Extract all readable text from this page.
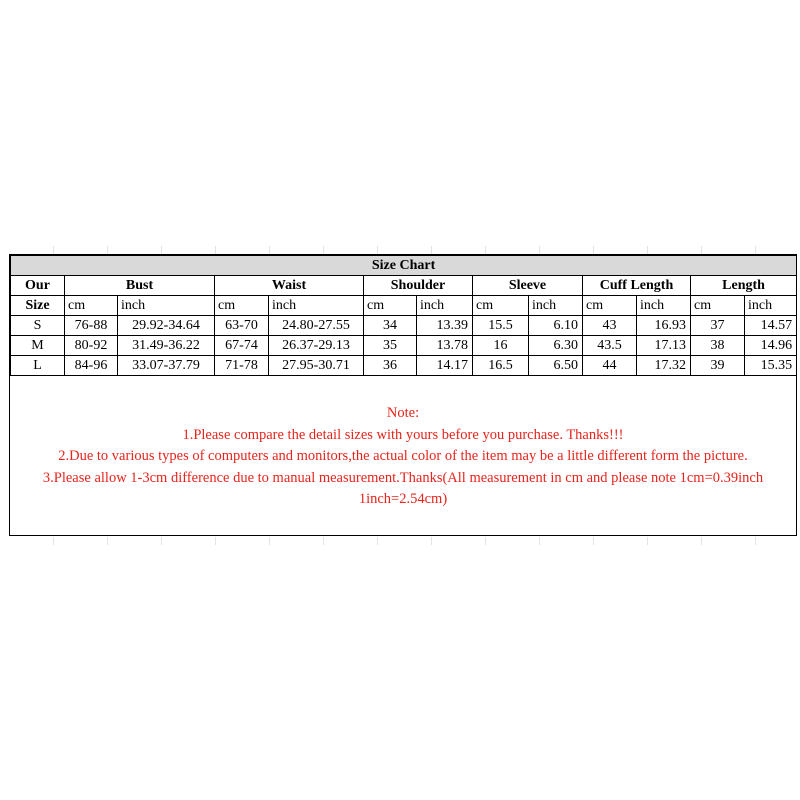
Size Chart												
Our	Bust		Waist		Shoulder		Sleeve		Cuff Length		Length	
Size	cm	inch	cm	inch	cm	inch	cm	inch	cm	inch	cm	inch
S	76-88	29.92-34.64	63-70	24.80-27.55	34	13.39	15.5	6.10	43	16.93	37	14.57
M	80-92	31.49-36.22	67-74	26.37-29.13	35	13.78	16	6.30	43.5	17.13	38	14.96
L	84-96	33.07-37.79	71-78	27.95-30.71	36	14.17	16.5	6.50	44	17.32	39	15.35
Note:
1.Please compare the detail sizes with yours before you purchase. Thanks!!!
2.Due to various types of computers and monitors,the actual color of the item may be a little different form the picture.
3.Please allow 1-3cm difference due to manual measurement.Thanks(All measurement in cm and please note 1cm=0.39inch
1inch=2.54cm)
